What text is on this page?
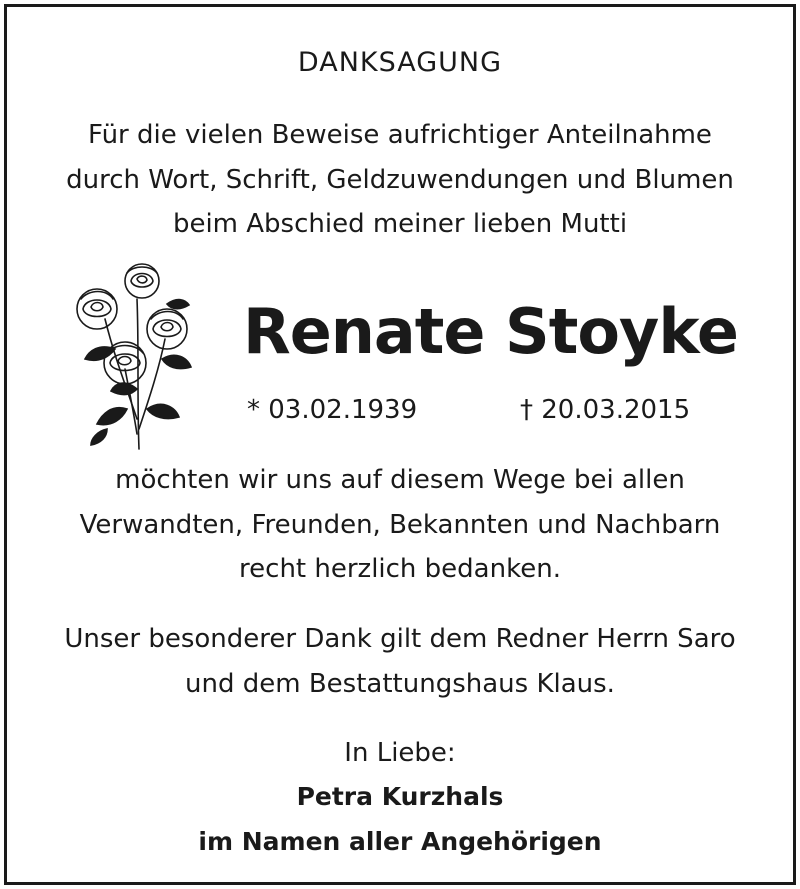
DANKSAGUNG
Für die vielen Beweise aufrichtiger Anteilnahme
durch Wort, Schrift, Geldzuwendungen und Blumen
beim Abschied meiner lieben Mutti
Renate Stoyke
* 03.02.1939	† 20.03.2015
möchten wir uns auf diesem Wege bei allen
Verwandten, Freunden, Bekannten und Nachbarn
recht herzlich bedanken.
Unser besonderer Dank gilt dem Redner Herrn Saro
und dem Bestattungshaus Klaus.
In Liebe:
Petra Kurzhals
im Namen aller Angehörigen
